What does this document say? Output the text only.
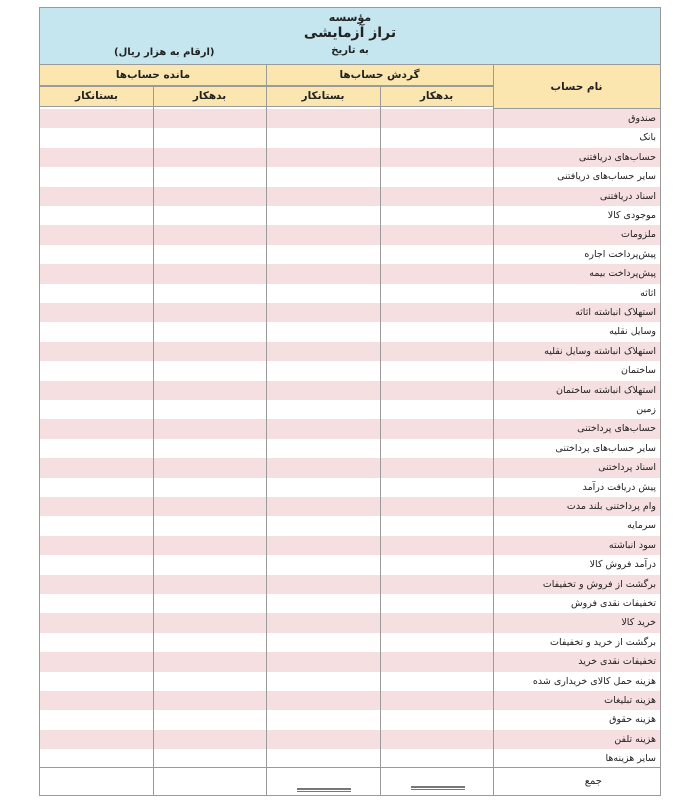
مؤسسه
تراز آزمایشی
به تاریخ
(ارقام به هزار ریال)
نام حساب
گردش حساب‌ها
مانده حساب‌ها
بدهکار
بستانکار
بدهکار
بستانکار
صندوق
بانک
حساب‌های دریافتنی
سایر حساب‌های دریافتنی
اسناد دریافتنی
موجودی کالا
ملزومات
پیش‌پرداخت اجاره
پیش‌پرداخت بیمه
اثاثه
استهلاک انباشته اثاثه
وسایل نقلیه
استهلاک انباشته وسایل نقلیه
ساختمان
استهلاک انباشته ساختمان
زمین
حساب‌های پرداختنی
سایر حساب‌های پرداختنی
اسناد پرداختنی
پیش دریافت درآمد
وام پرداختنی بلند مدت
سرمایه
سود انباشته
درآمد فروش کالا
برگشت از فروش و تخفیفات
تخفیفات نقدی فروش
خرید کالا
برگشت از خرید و تخفیفات
تخفیفات نقدی خرید
هزینه حمل کالای خریداری شده
هزینه تبلیغات
هزینه حقوق
هزینه تلفن
سایر هزینه‌ها
جمع
